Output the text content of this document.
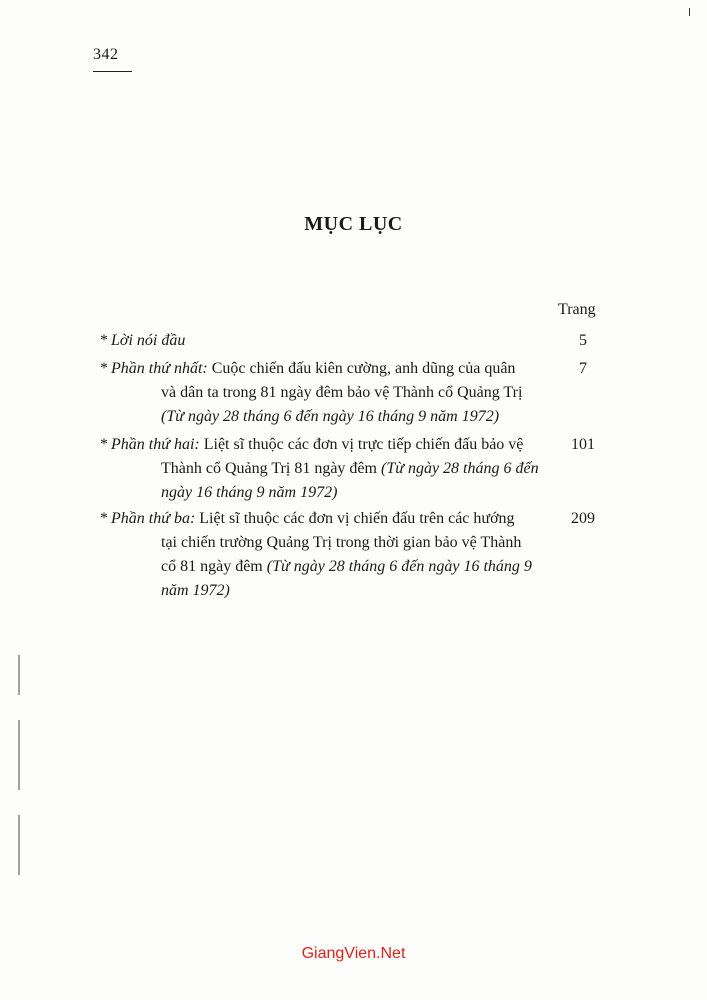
342
MỤC LỤC
Trang
* Lời nói đầu	5
* Phần thứ nhất: Cuộc chiến đấu kiên cường, anh dũng của quân
và dân ta trong 81 ngày đêm bảo vệ Thành cổ Quảng Trị
(Từ ngày 28 tháng 6 đến ngày 16 tháng 9 năm 1972)
7
* Phần thứ hai: Liệt sĩ thuộc các đơn vị trực tiếp chiến đấu bảo vệ
Thành cổ Quảng Trị 81 ngày đêm (Từ ngày 28 tháng 6 đến
ngày 16 tháng 9 năm 1972)
101
* Phần thứ ba: Liệt sĩ thuộc các đơn vị chiến đấu trên các hướng
tại chiến trường Quảng Trị trong thời gian bảo vệ Thành
cổ 81 ngày đêm (Từ ngày 28 tháng 6 đến ngày 16 tháng 9
năm 1972)
209
GiangVien.Net
